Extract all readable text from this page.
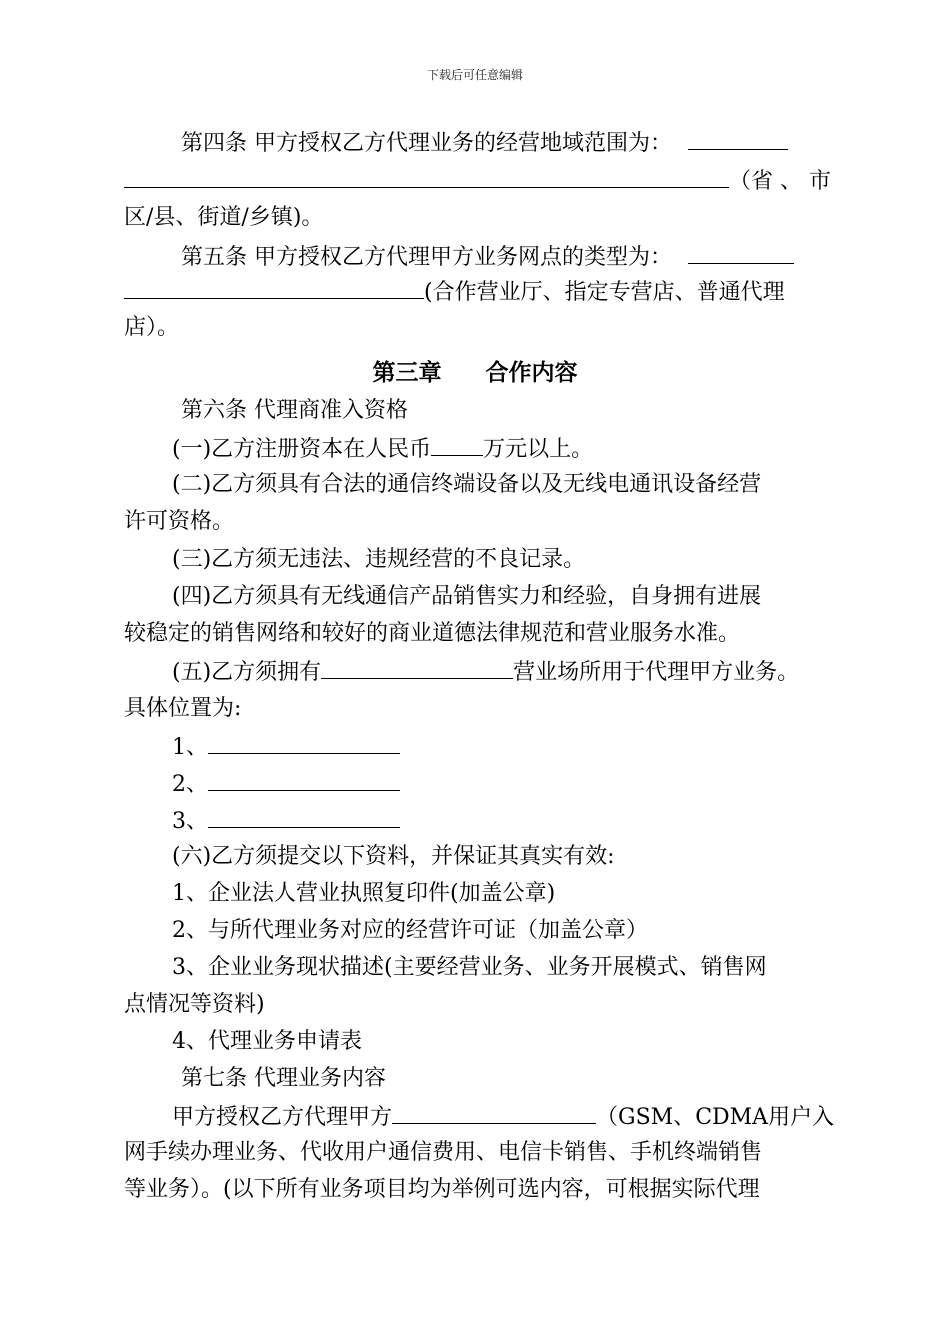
下载后可任意编辑
第四条 甲方授权乙方代理业务的经营地域范围为：
（省 、 市
区/县、街道/乡镇)。
第五条 甲方授权乙方代理甲方业务网点的类型为：
(合作营业厅、指定专营店、普通代理
店）。
第三章 合作内容
第六条 代理商准入资格
(一)乙方注册资本在人民币 万元以上。
(二)乙方须具有合法的通信终端设备以及无线电通讯设备经营
许可资格。
(三)乙方须无违法、违规经营的不良记录。
(四)乙方须具有无线通信产品销售实力和经验，自身拥有进展
较稳定的销售网络和较好的商业道德法律规范和营业服务水准。
(五)乙方须拥有	营业场所用于代理甲方业务。
具体位置为:
1、
2、
3、
(六)乙方须提交以下资料，并保证其真实有效:
1、企业法人营业执照复印件(加盖公章)
2、与所代理业务对应的经营许可证（加盖公章）
3、企业业务现状描述(主要经营业务、业务开展模式、销售网
点情况等资料)
4、代理业务申请表
第七条 代理业务内容
甲方授权乙方代理甲方	（GSM、CDMA用户入
网手续办理业务、代收用户通信费用、电信卡销售、手机终端销售
等业务）。(以下所有业务项目均为举例可选内容，可根据实际代理
